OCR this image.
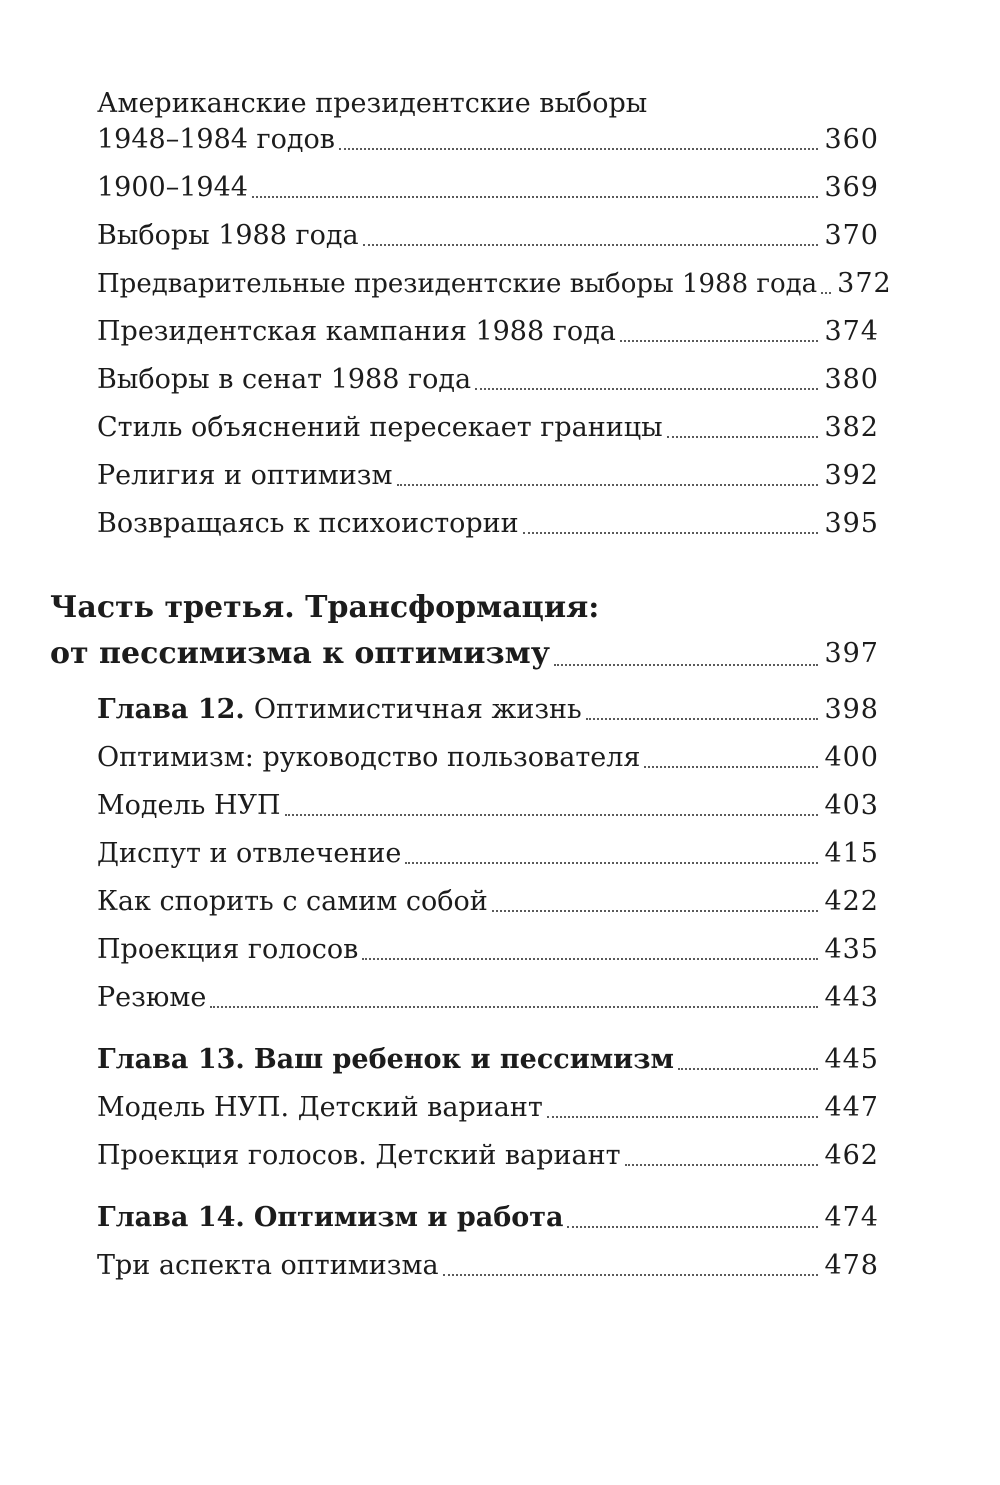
Американские президентские выборы
1948–1984 годов	360
1900–1944	369
Выборы 1988 года	370
Предварительные президентские выборы 1988 года 372
Президентская кампания 1988 года	374
Выборы в сенат 1988 года	380
Стиль объяснений пересекает границы	382
Религия и оптимизм	392
Возвращаясь к психоистории	395
Часть третья. Трансформация:
от пессимизма к оптимизму	397
Глава 12. Оптимистичная жизнь	398
Оптимизм: руководство пользователя	400
Модель НУП	403
Диспут и отвлечение	415
Как спорить с самим собой	422
Проекция голосов	435
Резюме	443
Глава 13. Ваш ребенок и пессимизм	445
Модель НУП. Детский вариант	447
Проекция голосов. Детский вариант	462
Глава 14. Оптимизм и работа	474
Три аспекта оптимизма	478
